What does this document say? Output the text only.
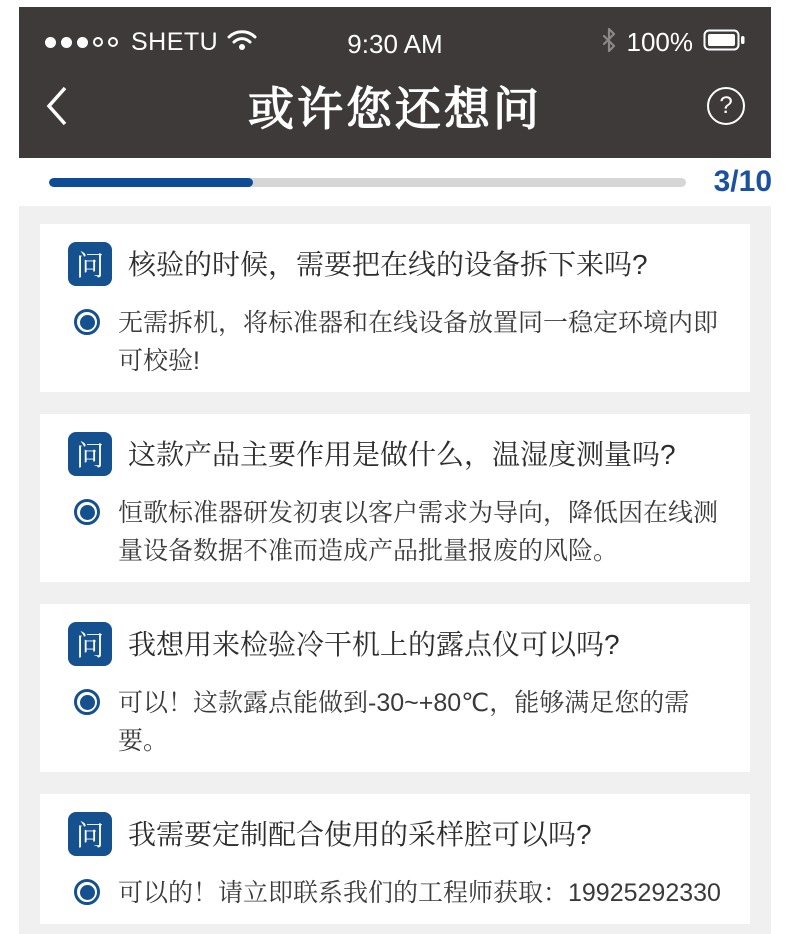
SHETU	9:30 AM	100%
或许您还想问	?
3/10
问 核验的时候，需要把在线的设备拆下来吗?
无需拆机，将标准器和在线设备放置同一稳定环境内即可校验!
问 这款产品主要作用是做什么，温湿度测量吗?
恒歌标准器研发初衷以客户需求为导向，降低因在线测量设备数据不准而造成产品批量报废的风险。
问 我想用来检验冷干机上的露点仪可以吗?
可以！这款露点能做到-30~+80℃，能够满足您的需要。
问 我需要定制配合使用的采样腔可以吗?
可以的！请立即联系我们的工程师获取：19925292330
